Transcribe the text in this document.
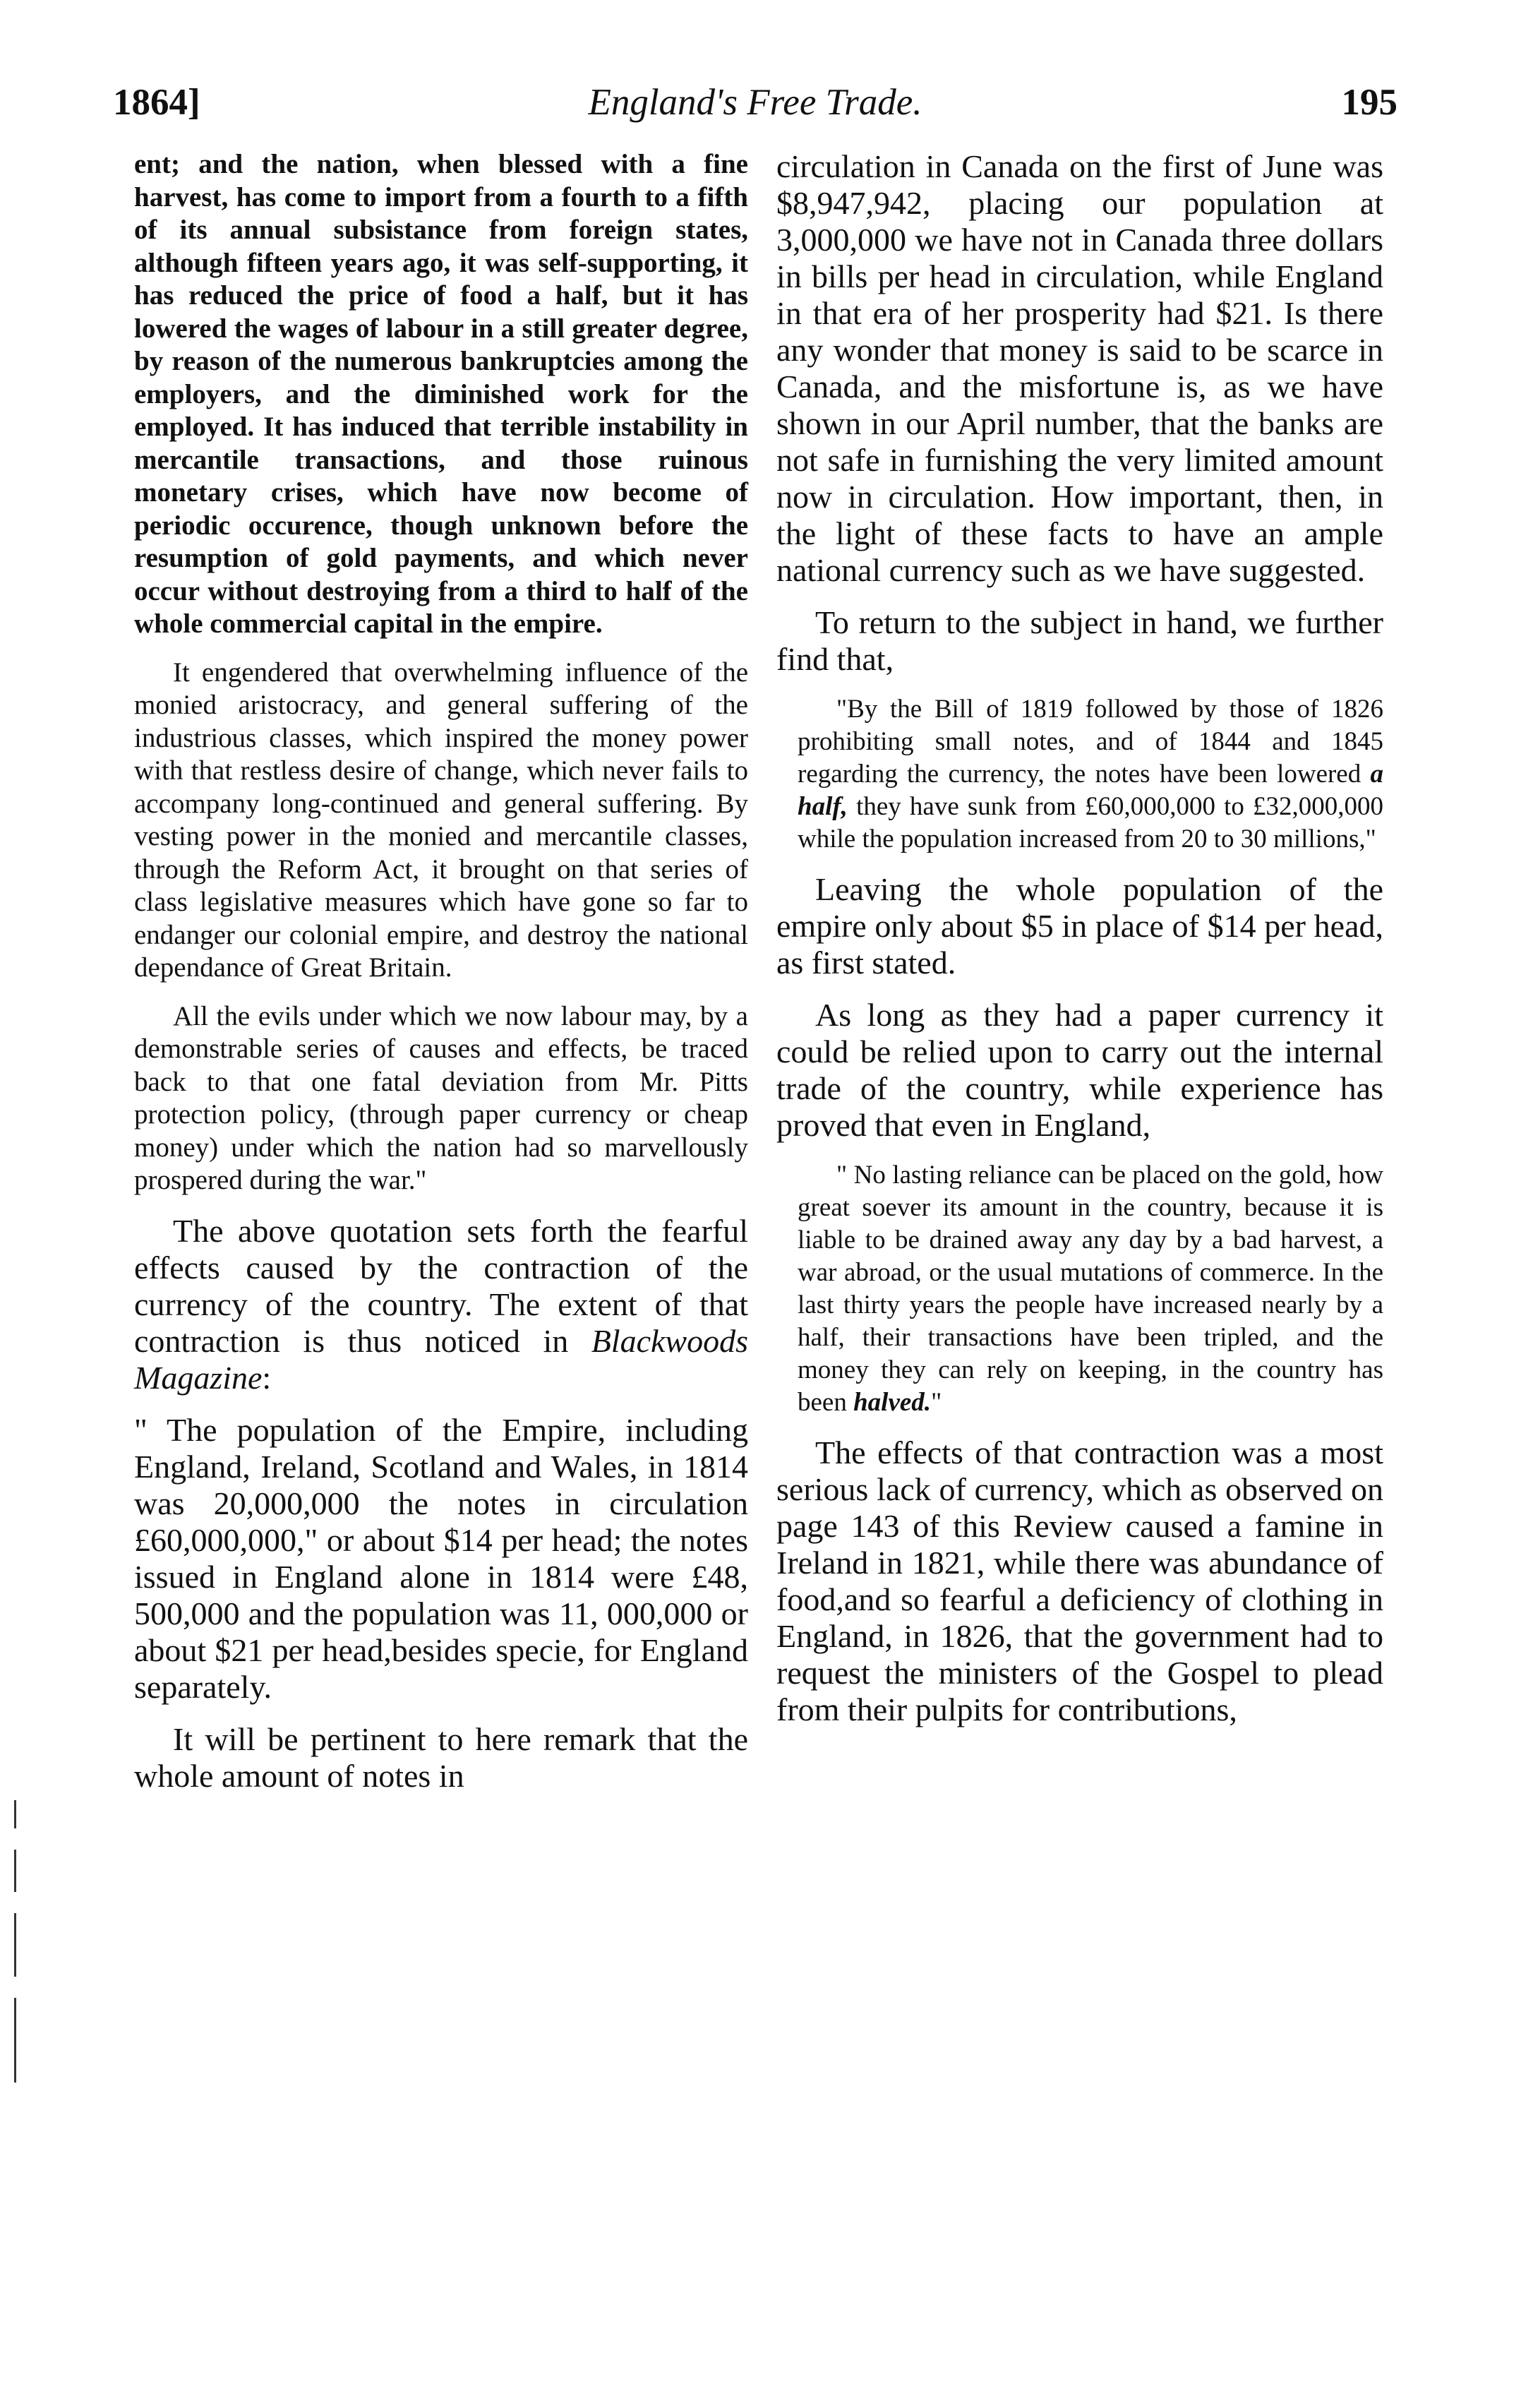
1864]	England's Free Trade.	195

ent; and the nation, when blessed with a fine harvest, has come to import from a fourth to a fifth of its annual subsistance from foreign states, although fifteen years ago, it was self-supporting, it has reduced the price of food a half, but it has lowered the wages of labour in a still greater degree, by reason of the numerous bankruptcies among the employers, and the diminished work for the employed. It has induced that terrible instability in mercantile transactions, and those ruinous monetary crises, which have now become of periodic occurence, though unknown before the resumption of gold payments, and which never occur without destroying from a third to half of the whole commercial capital in the empire.

It engendered that overwhelming influence of the monied aristocracy, and general suffering of the industrious classes, which inspired the money power with that restless desire of change, which never fails to accompany long-continued and general suffering. By vesting power in the monied and mercantile classes, through the Reform Act, it brought on that series of class legislative measures which have gone so far to endanger our colonial empire, and destroy the national dependance of Great Britain.

All the evils under which we now labour may, by a demonstrable series of causes and effects, be traced back to that one fatal deviation from Mr. Pitts protection policy, (through paper currency or cheap money) under which the nation had so marvellously prospered during the war."

The above quotation sets forth the fearful effects caused by the contraction of the currency of the country. The extent of that contraction is thus noticed in Blackwoods Magazine:

" The population of the Empire, including England, Ireland, Scotland and Wales, in 1814 was 20,000,000 the notes in circulation £60,000,000," or about $14 per head; the notes issued in England alone in 1814 were £48, 500,000 and the population was 11, 000,000 or about $21 per head,besides specie, for England separately.

It will be pertinent to here remark that the whole amount of notes in

circulation in Canada on the first of June was $8,947,942, placing our population at 3,000,000 we have not in Canada three dollars in bills per head in circulation, while England in that era of her prosperity had $21. Is there any wonder that money is said to be scarce in Canada, and the misfortune is, as we have shown in our April number, that the banks are not safe in furnishing the very limited amount now in circulation. How important, then, in the light of these facts to have an ample national currency such as we have suggested.

To return to the subject in hand, we further find that,

"By the Bill of 1819 followed by those of 1826 prohibiting small notes, and of 1844 and 1845 regarding the currency, the notes have been lowered a half, they have sunk from £60,000,000 to £32,000,000 while the population increased from 20 to 30 millions,"

Leaving the whole population of the empire only about $5 in place of $14 per head, as first stated.

As long as they had a paper currency it could be relied upon to carry out the internal trade of the country, while experience has proved that even in England,

" No lasting reliance can be placed on the gold, how great soever its amount in the country, because it is liable to be drained away any day by a bad harvest, a war abroad, or the usual mutations of commerce. In the last thirty years the people have increased nearly by a half, their transactions have been tripled, and the money they can rely on keeping, in the country has been halved."

The effects of that contraction was a most serious lack of currency, which as observed on page 143 of this Review caused a famine in Ireland in 1821, while there was abundance of food,and so fearful a deficiency of clothing in England, in 1826, that the government had to request the ministers of the Gospel to plead from their pulpits for contributions,
